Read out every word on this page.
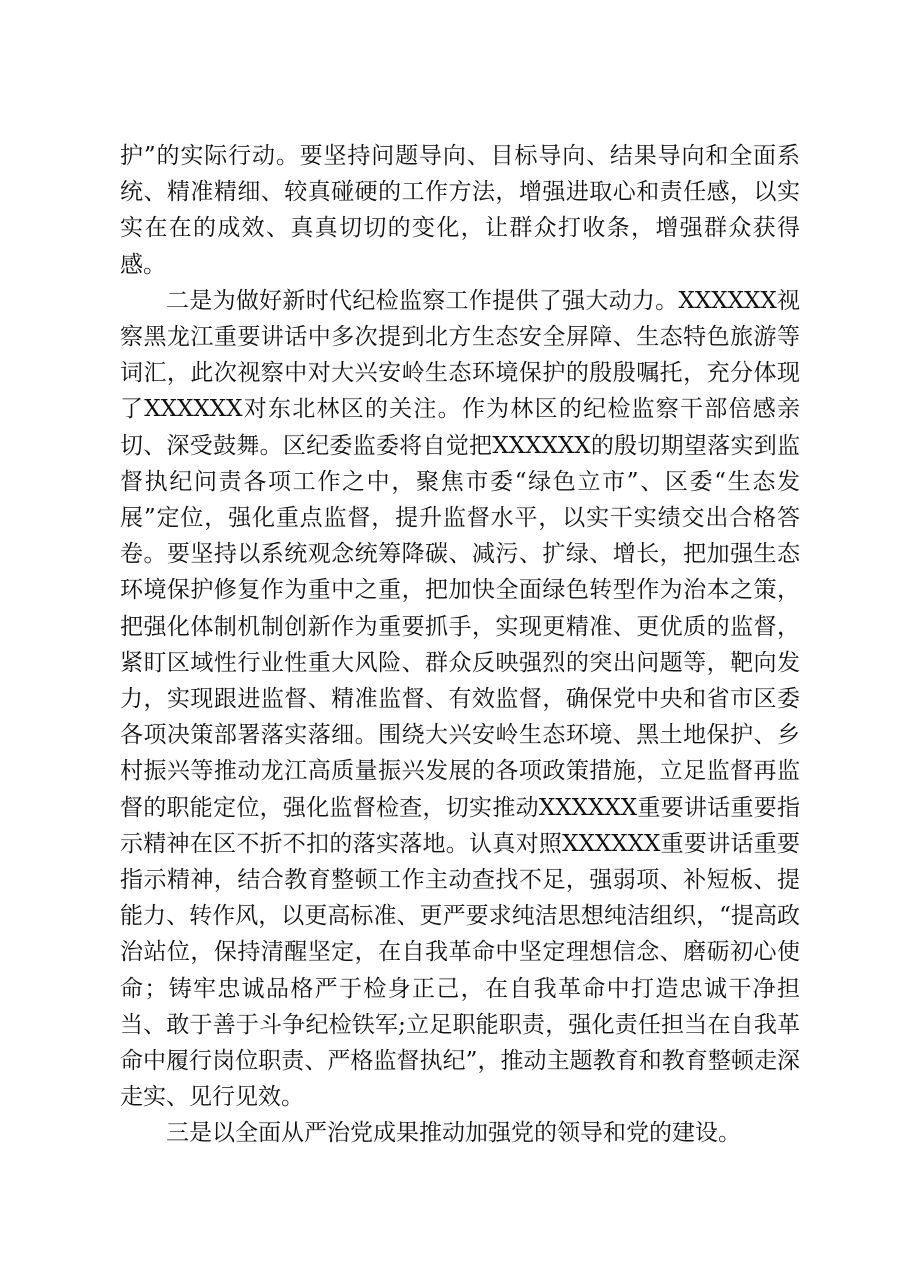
护”的实际行动。要坚持问题导向、目标导向、结果导向和全面系统、精准精细、较真碰硬的工作方法，增强进取心和责任感，以实实在在的成效、真真切切的变化，让群众打收条，增强群众获得感。

二是为做好新时代纪检监察工作提供了强大动力。XXXXXX视察黑龙江重要讲话中多次提到北方生态安全屏障、生态特色旅游等词汇，此次视察中对大兴安岭生态环境保护的殷殷嘱托，充分体现了XXXXXX对东北林区的关注。作为林区的纪检监察干部倍感亲切、深受鼓舞。区纪委监委将自觉把XXXXXX的殷切期望落实到监督执纪问责各项工作之中，聚焦市委“绿色立市”、区委“生态发展”定位，强化重点监督，提升监督水平，以实干实绩交出合格答卷。要坚持以系统观念统筹降碳、减污、扩绿、增长，把加强生态环境保护修复作为重中之重，把加快全面绿色转型作为治本之策，把强化体制机制创新作为重要抓手，实现更精准、更优质的监督，紧盯区域性行业性重大风险、群众反映强烈的突出问题等，靶向发力，实现跟进监督、精准监督、有效监督，确保党中央和省市区委各项决策部署落实落细。围绕大兴安岭生态环境、黑土地保护、乡村振兴等推动龙江高质量振兴发展的各项政策措施，立足监督再监督的职能定位，强化监督检查，切实推动XXXXXX重要讲话重要指示精神在区不折不扣的落实落地。认真对照XXXXXX重要讲话重要指示精神，结合教育整顿工作主动查找不足，强弱项、补短板、提能力、转作风，以更高标准、更严要求纯洁思想纯洁组织，“提高政治站位，保持清醒坚定，在自我革命中坚定理想信念、磨砺初心使命；铸牢忠诚品格严于检身正己，在自我革命中打造忠诚干净担当、敢于善于斗争纪检铁军;立足职能职责，强化责任担当在自我革命中履行岗位职责、严格监督执纪”，推动主题教育和教育整顿走深走实、见行见效。

三是以全面从严治党成果推动加强党的领导和党的建设。
